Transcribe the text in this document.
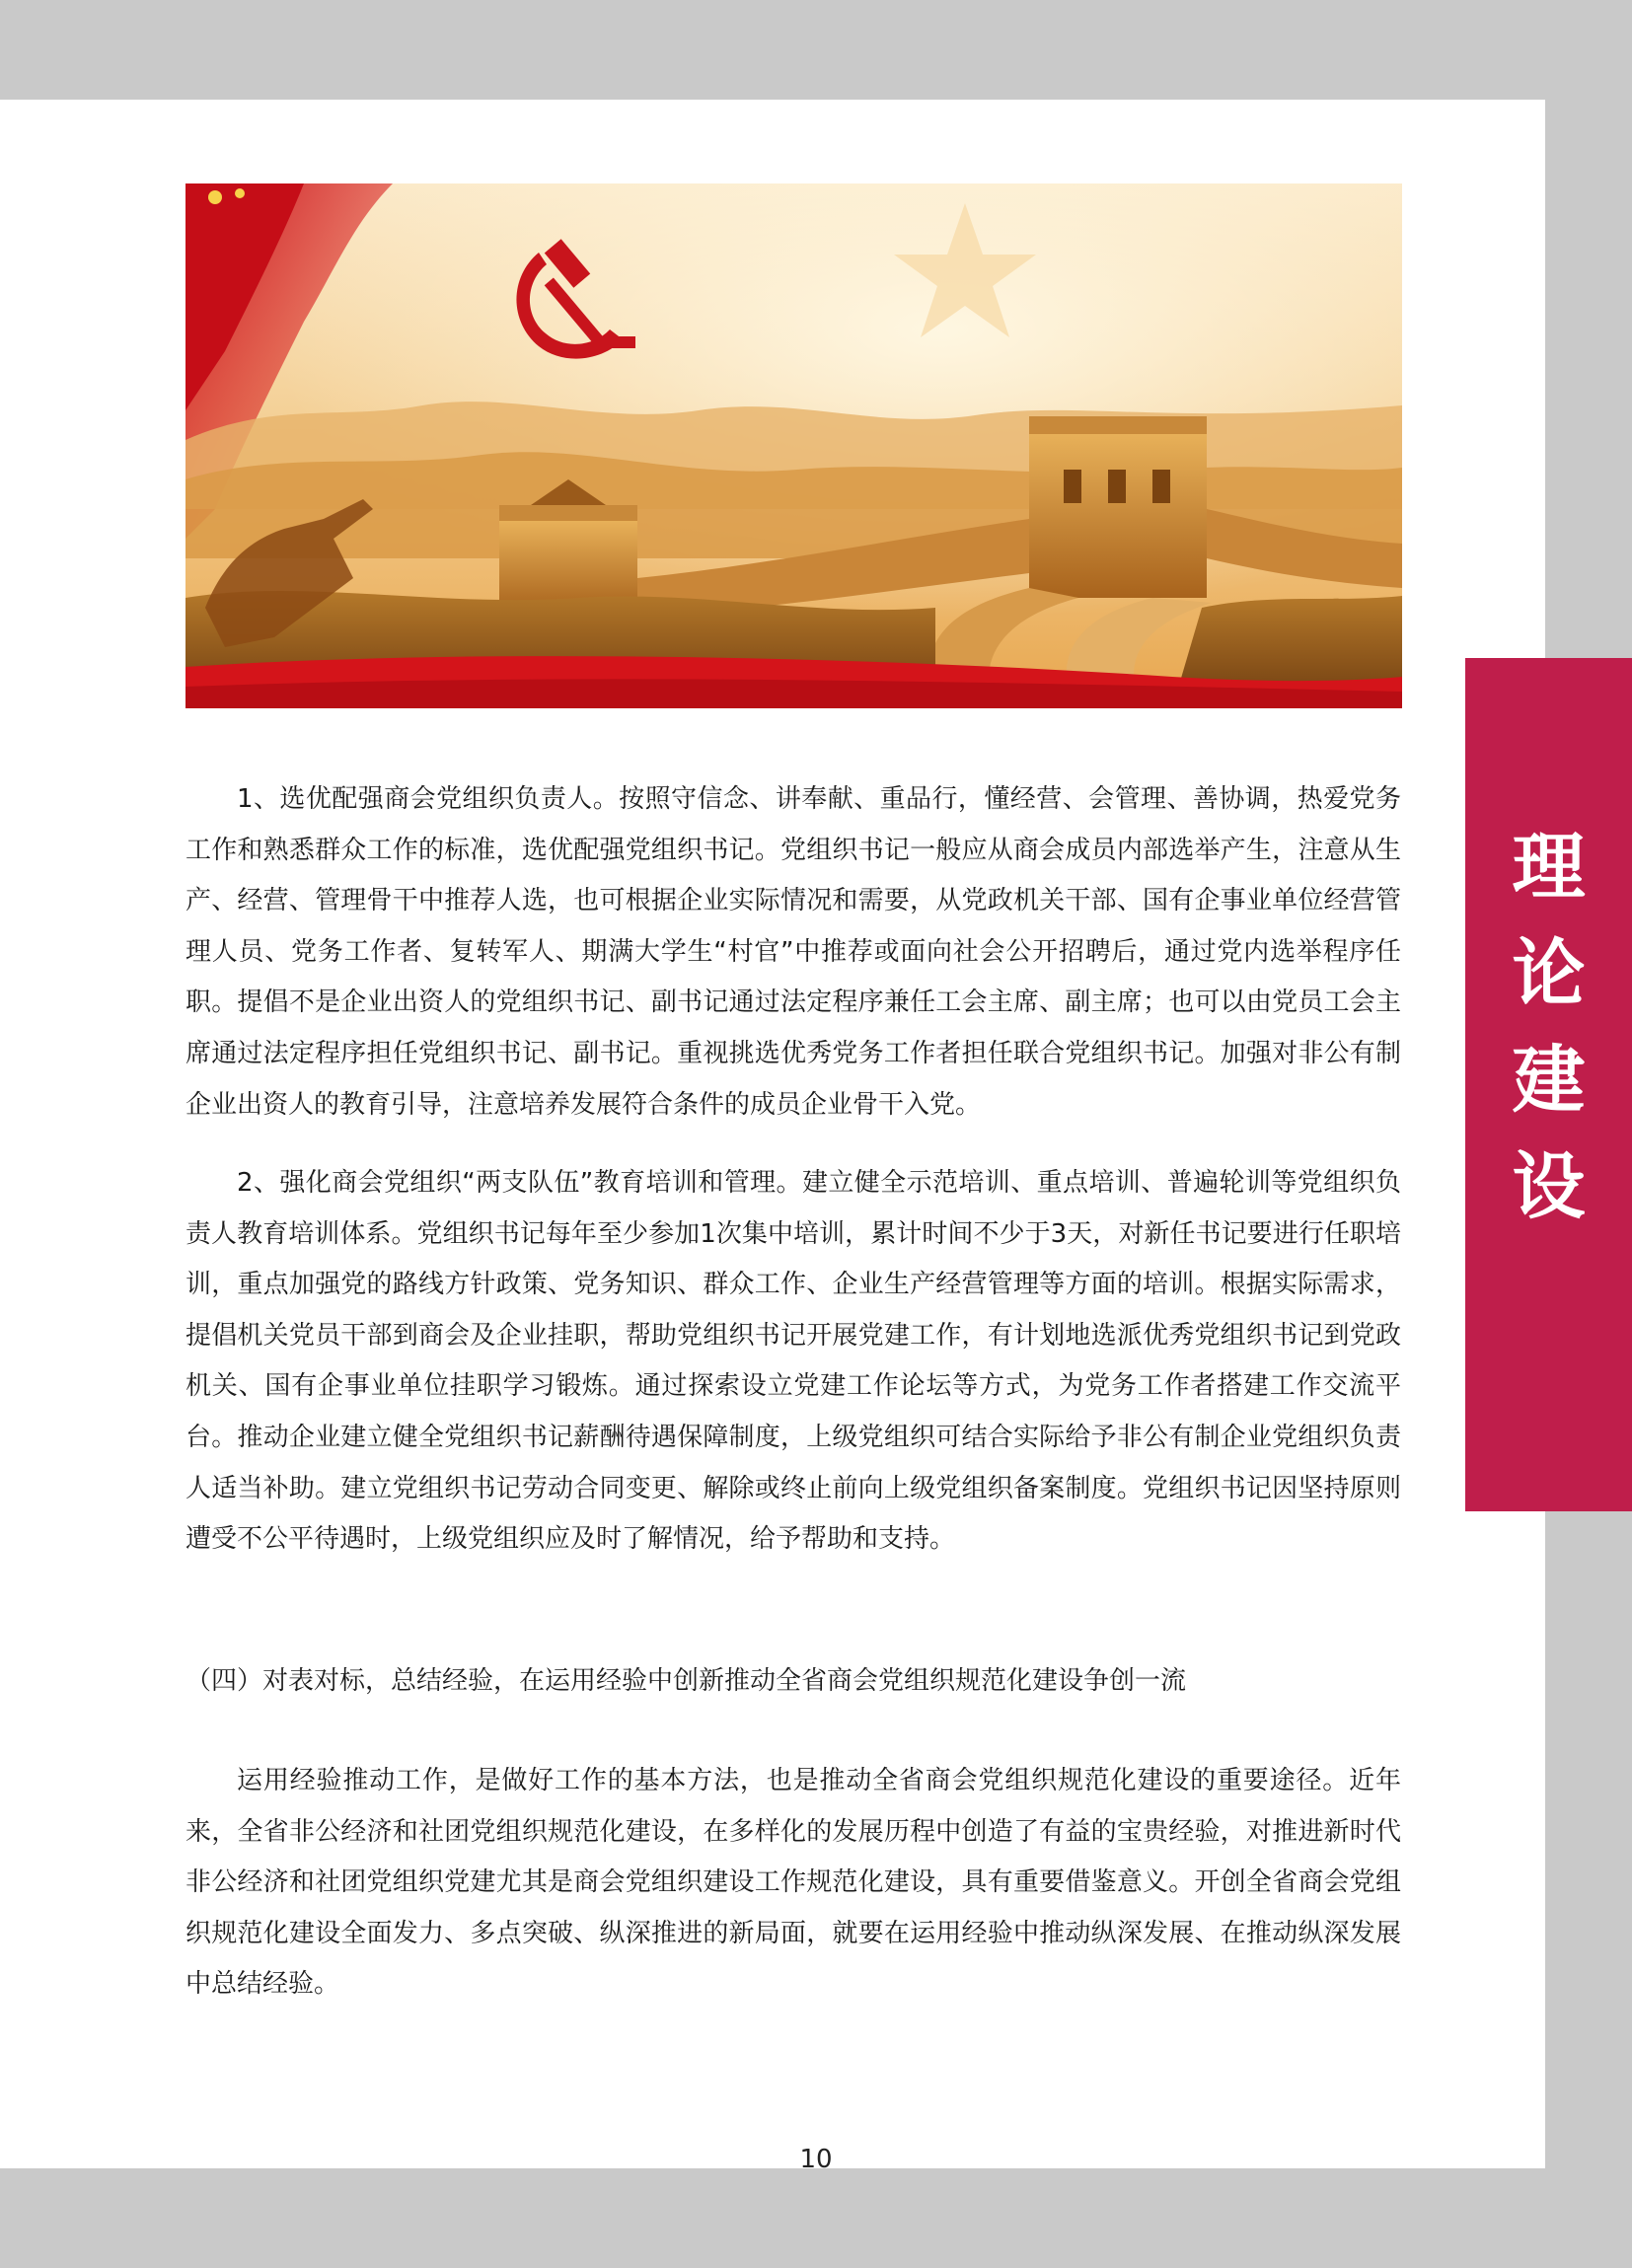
1、选优配强商会党组织负责人。按照守信念、讲奉献、重品行，懂经营、会管理、善协调，热爱党务工作和熟悉群众工作的标准，选优配强党组织书记。党组织书记一般应从商会成员内部选举产生，注意从生产、经营、管理骨干中推荐人选，也可根据企业实际情况和需要，从党政机关干部、国有企事业单位经营管理人员、党务工作者、复转军人、期满大学生“村官”中推荐或面向社会公开招聘后，通过党内选举程序任职。提倡不是企业出资人的党组织书记、副书记通过法定程序兼任工会主席、副主席；也可以由党员工会主席通过法定程序担任党组织书记、副书记。重视挑选优秀党务工作者担任联合党组织书记。加强对非公有制企业出资人的教育引导，注意培养发展符合条件的成员企业骨干入党。

2、强化商会党组织“两支队伍”教育培训和管理。建立健全示范培训、重点培训、普遍轮训等党组织负责人教育培训体系。党组织书记每年至少参加1次集中培训，累计时间不少于3天，对新任书记要进行任职培训，重点加强党的路线方针政策、党务知识、群众工作、企业生产经营管理等方面的培训。根据实际需求，提倡机关党员干部到商会及企业挂职，帮助党组织书记开展党建工作，有计划地选派优秀党组织书记到党政机关、国有企事业单位挂职学习锻炼。通过探索设立党建工作论坛等方式，为党务工作者搭建工作交流平台。推动企业建立健全党组织书记薪酬待遇保障制度，上级党组织可结合实际给予非公有制企业党组织负责人适当补助。建立党组织书记劳动合同变更、解除或终止前向上级党组织备案制度。党组织书记因坚持原则遭受不公平待遇时，上级党组织应及时了解情况，给予帮助和支持。

（四）对表对标，总结经验，在运用经验中创新推动全省商会党组织规范化建设争创一流

运用经验推动工作，是做好工作的基本方法，也是推动全省商会党组织规范化建设的重要途径。近年来，全省非公经济和社团党组织规范化建设，在多样化的发展历程中创造了有益的宝贵经验，对推进新时代非公经济和社团党组织党建尤其是商会党组织建设工作规范化建设，具有重要借鉴意义。开创全省商会党组织规范化建设全面发力、多点突破、纵深推进的新局面，就要在运用经验中推动纵深发展、在推动纵深发展中总结经验。

理
论
建
设
10
